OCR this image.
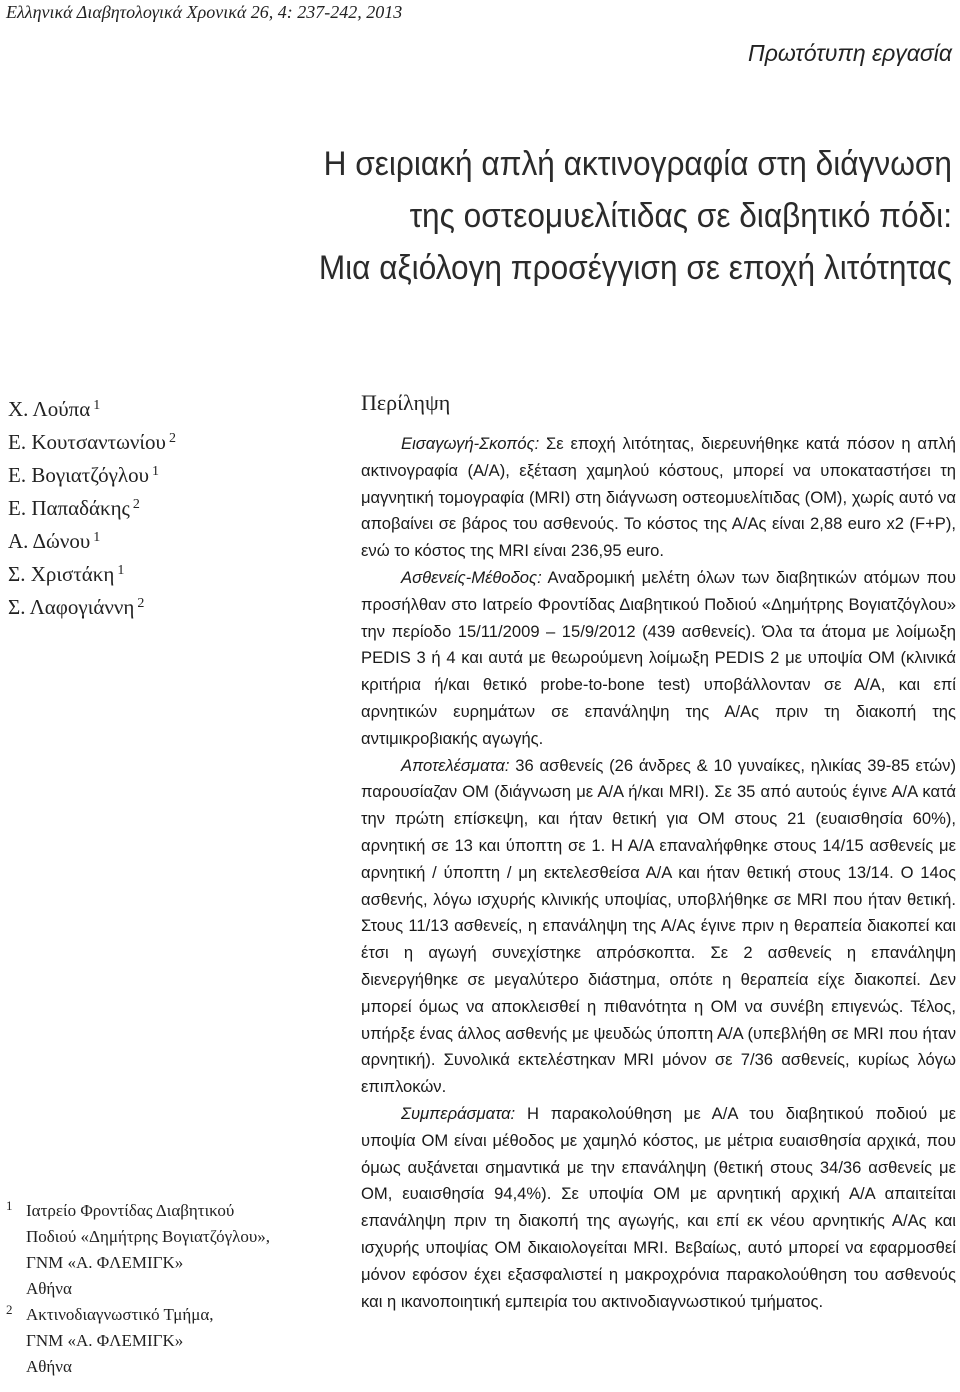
Ελληνικά Διαβητολογικά Χρονικά 26, 4: 237-242, 2013
Πρωτότυπη εργασία
Η σειριακή απλή ακτινογραφία στη διάγνωση
της οστεομυελίτιδας σε διαβητικό πόδι:
Μια αξιόλογη προσέγγιση σε εποχή λιτότητας
Χ. Λούπα $^1$
Ε. Κουτσαντωνίου $^2$
Ε. Βογιατζόγλου $^1$
Ε. Παπαδάκης $^2$
Α. Δώνου $^1$
Σ. Χριστάκη $^1$
Σ. Λαφογιάννη $^2$
1 Ιατρείο Φροντίδας Διαβητικού
Ποδιού «Δημήτρης Βογιατζόγλου»,
ΓΝΜ «Α. ΦΛΕΜΙΓΚ»
Αθήνα
2 Ακτινοδιαγνωστικό Τμήμα,
ΓΝΜ «Α. ΦΛΕΜΙΓΚ»
Αθήνα
Περίληψη

Εισαγωγή-Σκοπός: Σε εποχή λιτότητας, διερευνήθηκε κατά πόσον η απλή ακτινογραφία (Α/Α), εξέταση χαμηλού κόστους, μπορεί να υποκαταστήσει τη μαγνητική τομογραφία (MRI) στη διάγνωση οστεομυελίτιδας (ΟΜ), χωρίς αυτό να αποβαίνει σε βάρος του ασθενούς. Το κόστος της Α/Ας είναι 2,88 euro x2 (F+P), ενώ το κόστος της MRI είναι 236,95 euro.

Ασθενείς-Μέθοδος: Αναδρομική μελέτη όλων των διαβητικών ατόμων που προσήλθαν στο Ιατρείο Φροντίδας Διαβητικού Ποδιού «Δημήτρης Βογιατζόγλου» την περίοδο 15/11/2009 – 15/9/2012 (439 ασθενείς). Όλα τα άτομα με λοίμωξη PEDIS 3 ή 4 και αυτά με θεωρούμενη λοίμωξη PEDIS 2 με υποψία ΟΜ (κλινικά κριτήρια ή/και θετικό probe-to-bone test) υποβάλλονταν σε Α/Α, και επί αρνητικών ευρημάτων σε επανάληψη της Α/Ας πριν τη διακοπή της αντιμικροβιακής αγωγής.

Αποτελέσματα: 36 ασθενείς (26 άνδρες & 10 γυναίκες, ηλικίας 39-85 ετών) παρουσίαζαν ΟΜ (διάγνωση με Α/Α ή/και MRI). Σε 35 από αυτούς έγινε Α/Α κατά την πρώτη επίσκεψη, και ήταν θετική για ΟΜ στους 21 (ευαισθησία 60%), αρνητική σε 13 και ύποπτη σε 1. Η Α/Α επαναλήφθηκε στους 14/15 ασθενείς με αρνητική / ύποπτη / μη εκτελεσθείσα Α/Α και ήταν θετική στους 13/14. Ο 14ος ασθενής, λόγω ισχυρής κλινικής υποψίας, υποβλήθηκε σε MRI που ήταν θετική. Στους 11/13 ασθενείς, η επανάληψη της Α/Ας έγινε πριν η θεραπεία διακοπεί και έτσι η αγωγή συνεχίστηκε απρόσκοπτα. Σε 2 ασθενείς η επανάληψη διενεργήθηκε σε μεγαλύτερο διάστημα, οπότε η θεραπεία είχε διακοπεί. Δεν μπορεί όμως να αποκλεισθεί η πιθανότητα η ΟΜ να συνέβη επιγενώς. Τέλος, υπήρξε ένας άλλος ασθενής με ψευδώς ύποπτη Α/Α (υπεβλήθη σε MRI που ήταν αρνητική). Συνολικά εκτελέστηκαν MRI μόνον σε 7/36 ασθενείς, κυρίως λόγω επιπλοκών.

Συμπεράσματα: Η παρακολούθηση με Α/Α του διαβητικού ποδιού με υποψία ΟΜ είναι μέθοδος με χαμηλό κόστος, με μέτρια ευαισθησία αρχικά, που όμως αυξάνεται σημαντικά με την επανάληψη (θετική στους 34/36 ασθενείς με ΟΜ, ευαισθησία 94,4%). Σε υποψία ΟΜ με αρνητική αρχική Α/Α απαιτείται επανάληψη πριν τη διακοπή της αγωγής, και επί εκ νέου αρνητικής Α/Ας και ισχυρής υποψίας ΟΜ δικαιολογείται MRI. Βεβαίως, αυτό μπορεί να εφαρμοσθεί μόνον εφόσον έχει εξασφαλιστεί η μακροχρόνια παρακολούθηση του ασθενούς και η ικανοποιητική εμπειρία του ακτινοδιαγνωστικού τμήματος.
